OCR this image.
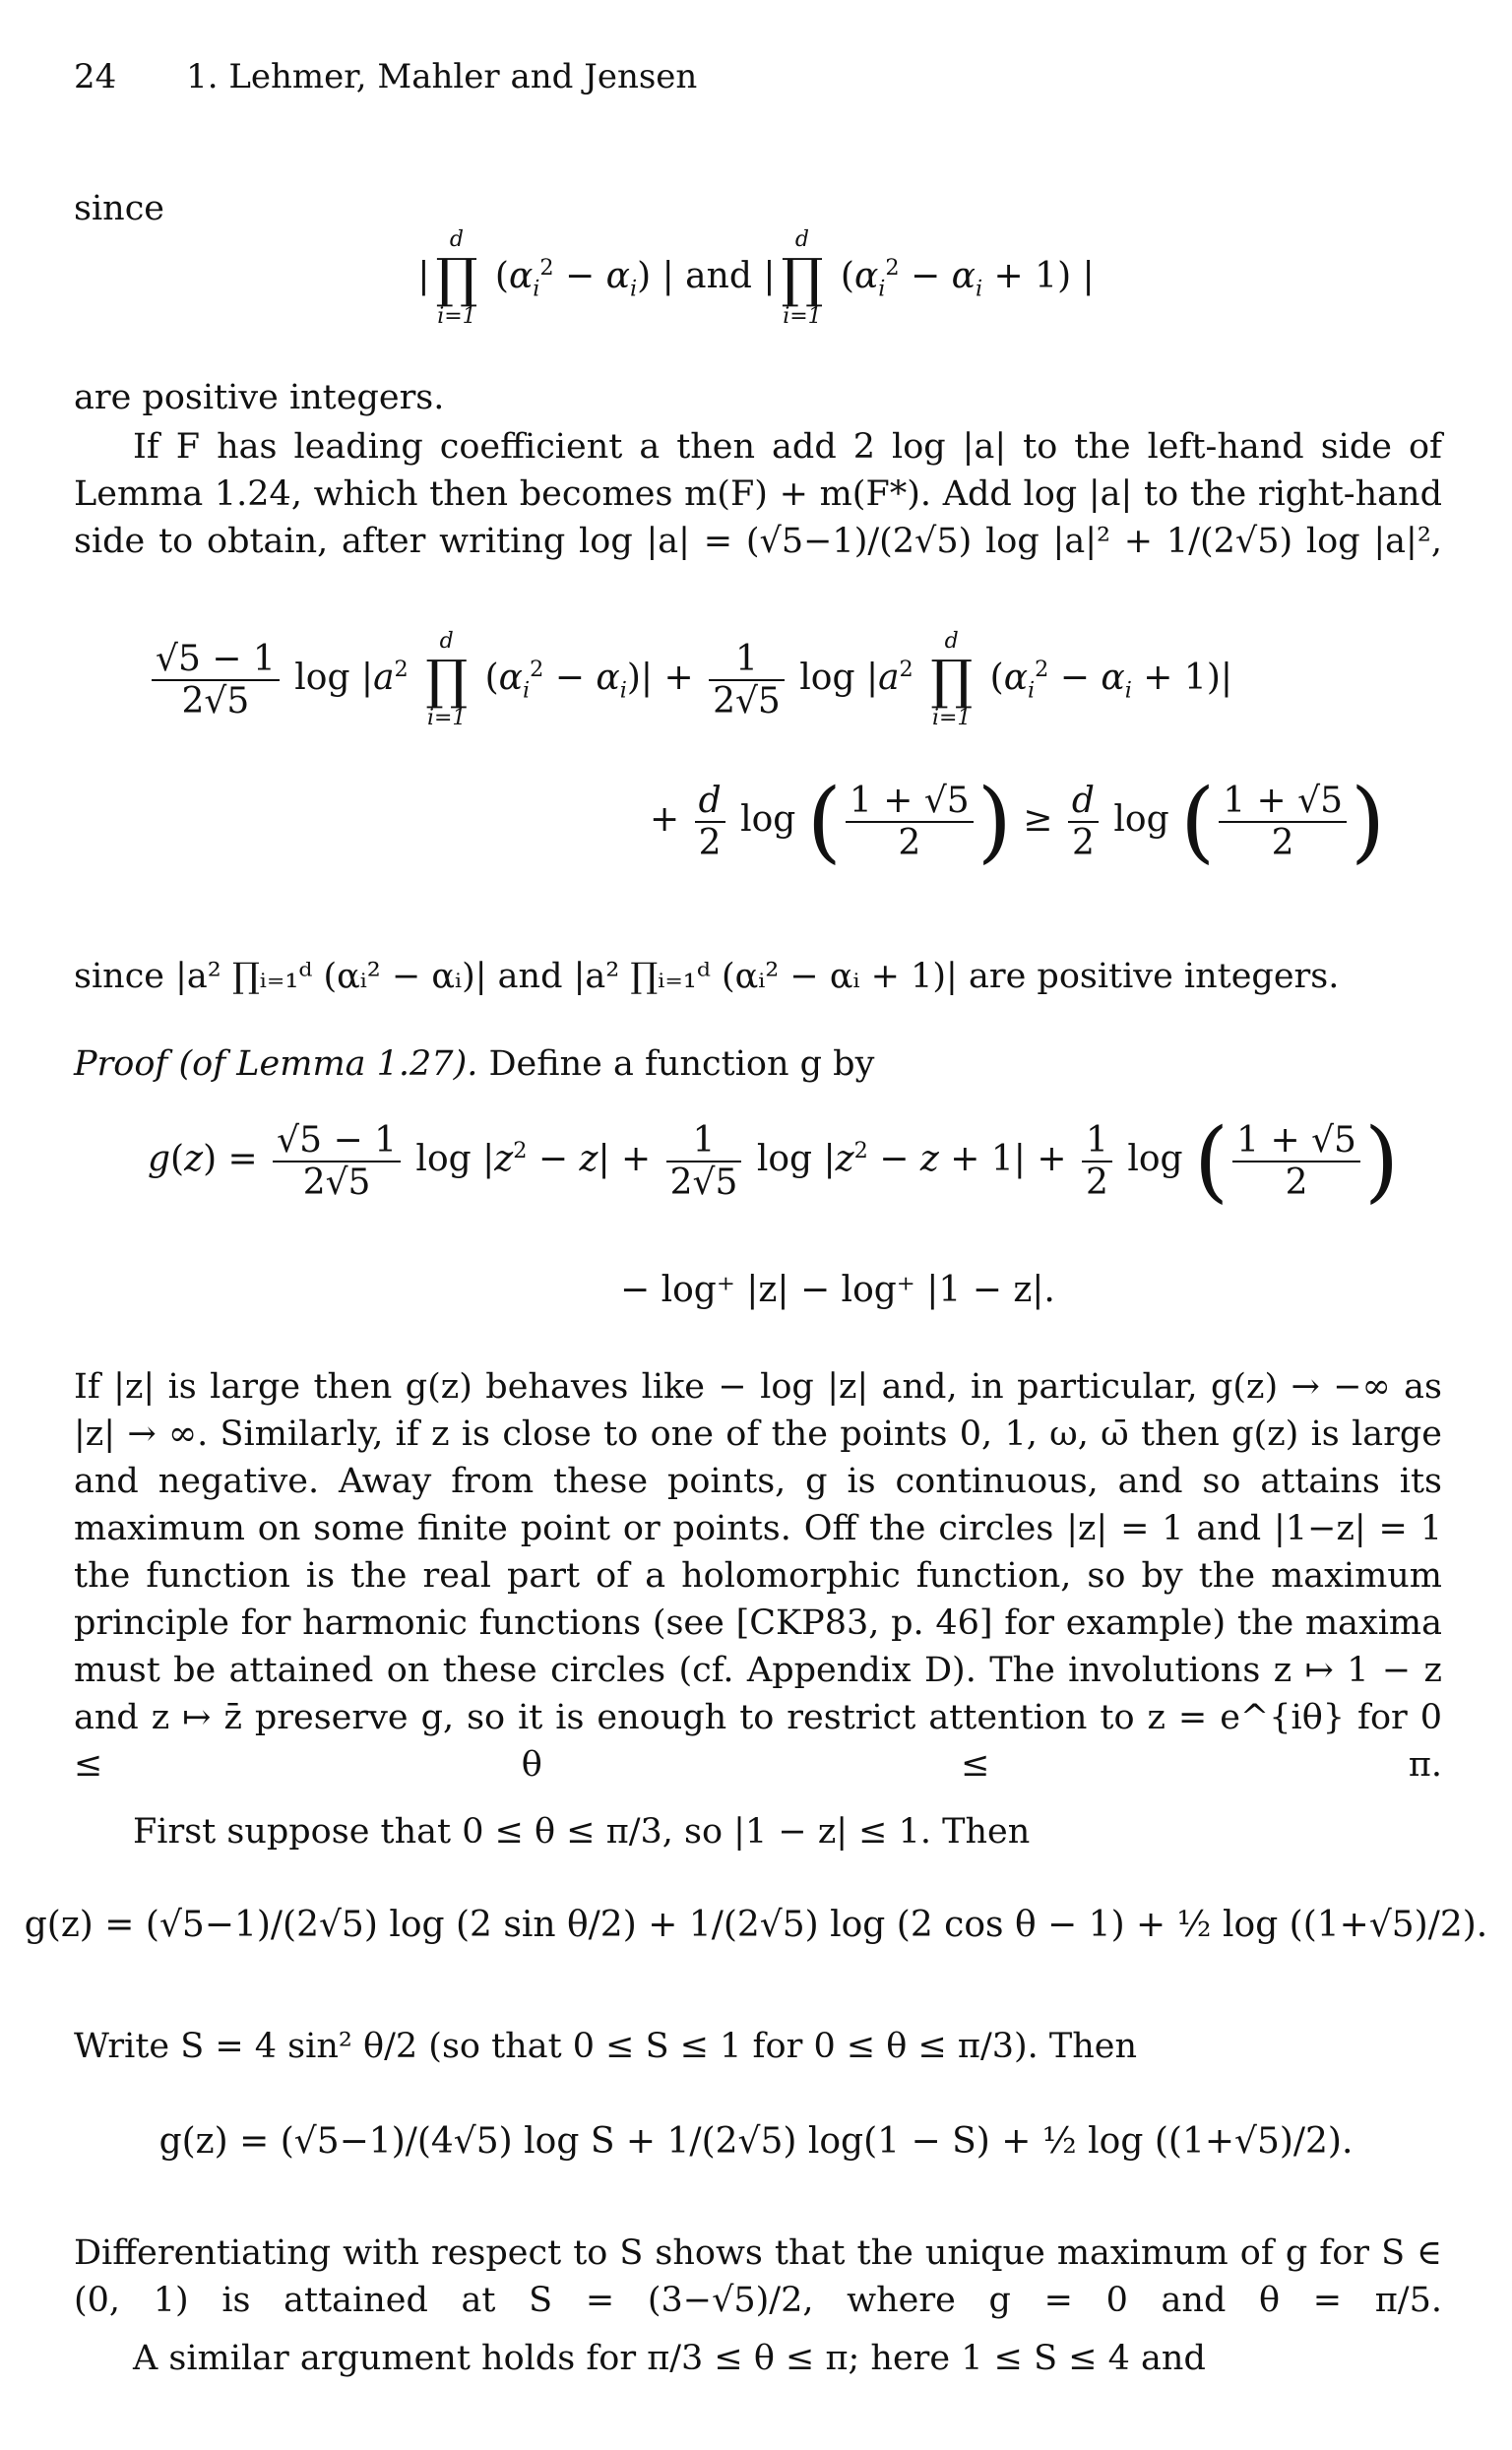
24 1. Lehmer, Mahler and Jensen
since
|
d
∏
i=1
$(\alpha_i^2 - \alpha_i)$ | and |
d
∏
i=1
$(\alpha_i^2 - \alpha_i + 1)$ |
are positive integers.
If F has leading coefficient a then add 2 log |a| to the left-hand side of Lemma 1.24, which then becomes m(F) + m(F*). Add log |a| to the right-hand side to obtain, after writing log |a| = (√5−1)/(2√5) log |a|² + 1/(2√5) log |a|²,
$\frac{√5 - 1}{2√5}$ $\log |a^2$
d
∏
i=1
$(\alpha_i^2 - \alpha_i)| + \frac{1}{2√5}$ $\log |a^2$
d
∏
i=1
$(\alpha_i^2 - \alpha_i + 1)|$
+ $\frac{d}{2}$ log ( $\frac{1 + √5}{2}$ ) ≥ $\frac{d}{2}$ log ( $\frac{1 + √5}{2}$ )
since |a² ∏ᵢ₌₁ᵈ (αᵢ² − αᵢ)| and |a² ∏ᵢ₌₁ᵈ (αᵢ² − αᵢ + 1)| are positive integers.
Proof (of Lemma 1.27). Define a function g by
$g(z) = \frac{√5 - 1}{2√5}$ $\log |z^2 - z| + \frac{1}{2√5}$ $\log |z^2 - z + 1| + \frac{1}{2}$ log ( $\frac{1 + √5}{2}$ )
− log⁺ |z| − log⁺ |1 − z|.
If |z| is large then g(z) behaves like − log |z| and, in particular, g(z) → −∞ as |z| → ∞. Similarly, if z is close to one of the points 0, 1, ω, ω̄ then g(z) is large and negative. Away from these points, g is continuous, and so attains its maximum on some finite point or points. Off the circles |z| = 1 and |1−z| = 1 the function is the real part of a holomorphic function, so by the maximum principle for harmonic functions (see [CKP83, p. 46] for example) the maxima must be attained on these circles (cf. Appendix D). The involutions z ↦ 1 − z and z ↦ z̄ preserve g, so it is enough to restrict attention to z = e^{iθ} for 0 ≤ θ ≤ π.
First suppose that 0 ≤ θ ≤ π/3, so |1 − z| ≤ 1. Then
g(z) = (√5−1)/(2√5) log (2 sin θ/2) + 1/(2√5) log (2 cos θ − 1) + ½ log ((1+√5)/2).
Write S = 4 sin² θ/2 (so that 0 ≤ S ≤ 1 for 0 ≤ θ ≤ π/3). Then
g(z) = (√5−1)/(4√5) log S + 1/(2√5) log(1 − S) + ½ log ((1+√5)/2).
Differentiating with respect to S shows that the unique maximum of g for S ∈ (0, 1) is attained at S = (3−√5)/2, where g = 0 and θ = π/5.
A similar argument holds for π/3 ≤ θ ≤ π; here 1 ≤ S ≤ 4 and
